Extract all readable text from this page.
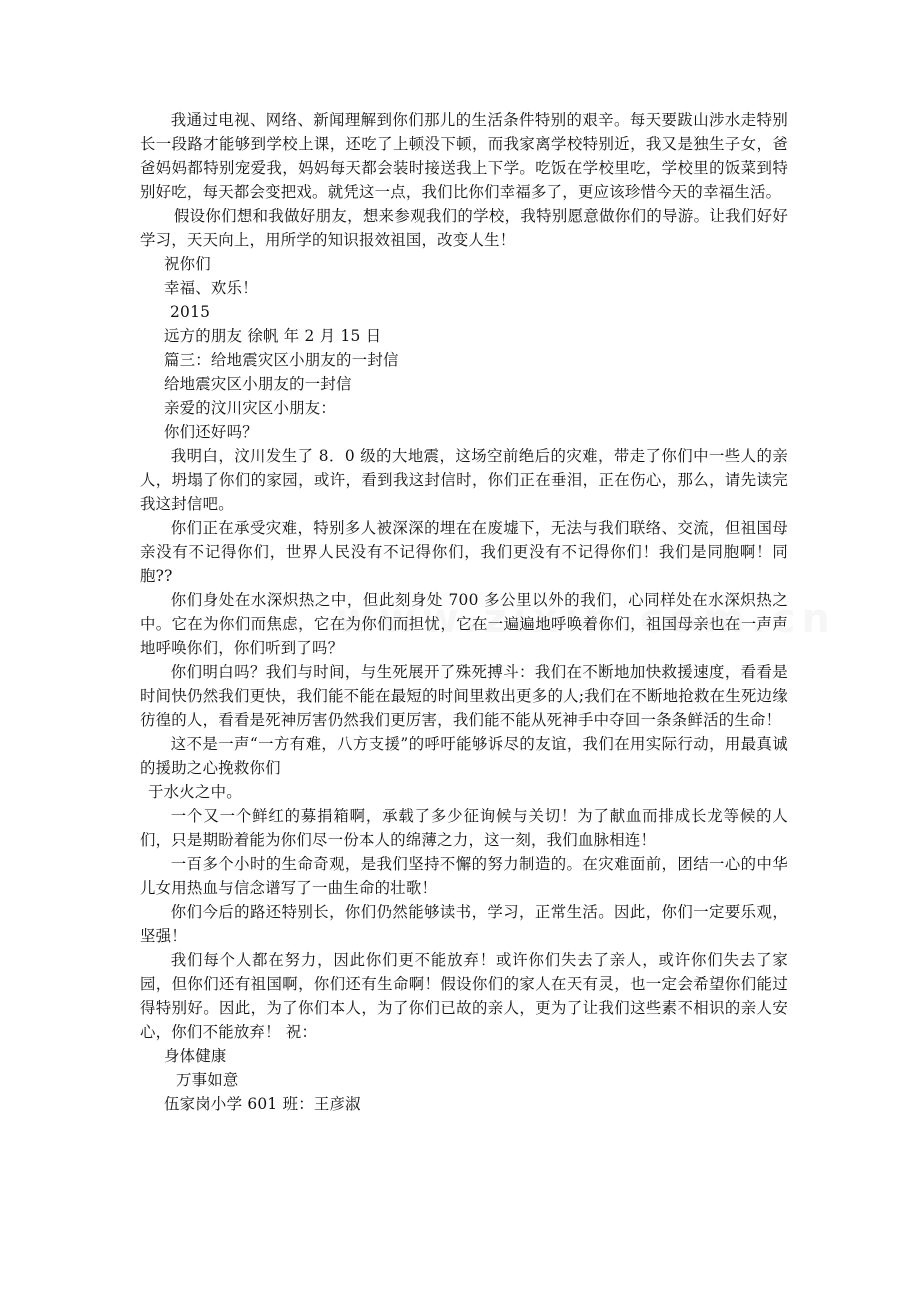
我通过电视、网络、新闻理解到你们那儿的生活条件特别的艰辛。每天要跋山涉水走特别长一段路才能够到学校上课，还吃了上顿没下顿，而我家离学校特别近，我又是独生子女，爸爸妈妈都特别宠爱我，妈妈每天都会装时接送我上下学。吃饭在学校里吃，学校里的饭菜到特别好吃，每天都会变把戏。就凭这一点，我们比你们幸福多了，更应该珍惜今天的幸福生活。

假设你们想和我做好朋友，想来参观我们的学校，我特别愿意做你们的导游。让我们好好学习，天天向上，用所学的知识报效祖国，改变人生！

祝你们

幸福、欢乐！

2015

远方的朋友 徐帆 年 2 月 15 日

篇三：给地震灾区小朋友的一封信

给地震灾区小朋友的一封信

亲爱的汶川灾区小朋友：

你们还好吗？

我明白，汶川发生了 8．0 级的大地震，这场空前绝后的灾难，带走了你们中一些人的亲人，坍塌了你们的家园，或许，看到我这封信时，你们正在垂泪，正在伤心，那么，请先读完我这封信吧。

你们正在承受灾难，特别多人被深深的埋在在废墟下，无法与我们联络、交流，但祖国母亲没有不记得你们，世界人民没有不记得你们，我们更没有不记得你们！我们是同胞啊！同胞??

你们身处在水深炽热之中，但此刻身处 700 多公里以外的我们，心同样处在水深炽热之中。它在为你们而焦虑，它在为你们而担忧，它在一遍遍地呼唤着你们，祖国母亲也在一声声地呼唤你们，你们听到了吗？

你们明白吗？我们与时间，与生死展开了殊死搏斗：我们在不断地加快救援速度，看看是时间快仍然我们更快，我们能不能在最短的时间里救出更多的人;我们在不断地抢救在生死边缘彷徨的人，看看是死神厉害仍然我们更厉害，我们能不能从死神手中夺回一条条鲜活的生命！

这不是一声“一方有难，八方支援”的呼吁能够诉尽的友谊，我们在用实际行动，用最真诚的援助之心挽救你们

于水火之中。

一个又一个鲜红的募捐箱啊，承载了多少征询候与关切！为了献血而排成长龙等候的人们，只是期盼着能为你们尽一份本人的绵薄之力，这一刻，我们血脉相连！

一百多个小时的生命奇观，是我们坚持不懈的努力制造的。在灾难面前，团结一心的中华儿女用热血与信念谱写了一曲生命的壮歌！

你们今后的路还特别长，你们仍然能够读书，学习，正常生活。因此，你们一定要乐观，坚强！

我们每个人都在努力，因此你们更不能放弃！或许你们失去了亲人，或许你们失去了家园，但你们还有祖国啊，你们还有生命啊！假设你们的家人在天有灵，也一定会希望你们能过得特别好。因此，为了你们本人，为了你们已故的亲人，更为了让我们这些素不相识的亲人安心，你们不能放弃！ 祝：

身体健康

万事如意

伍家岗小学 601 班：王彦淑
